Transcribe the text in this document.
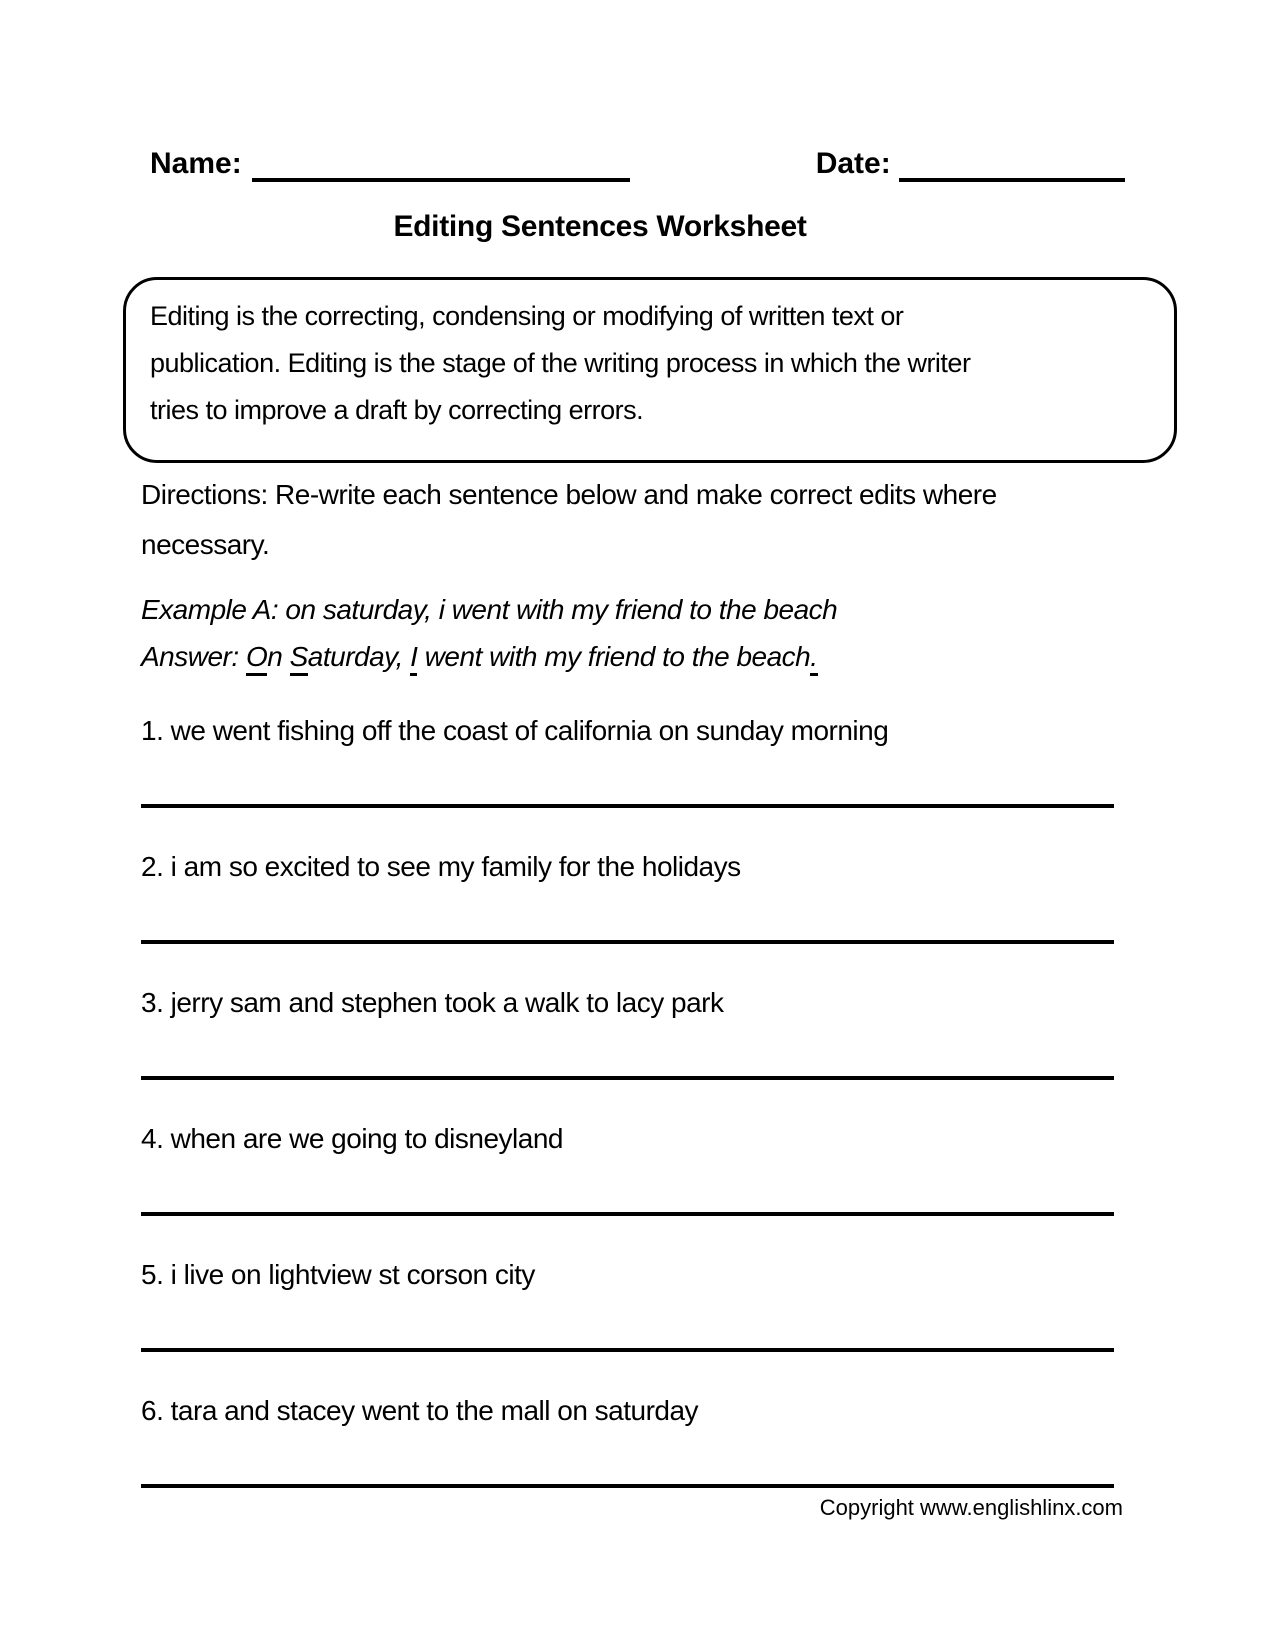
Name:	Date:
Editing Sentences Worksheet
Editing is the correcting, condensing or modifying of written text or
publication. Editing is the stage of the writing process in which the writer
tries to improve a draft by correcting errors.
Directions: Re-write each sentence below and make correct edits where
necessary.
Example A: on saturday, i went with my friend to the beach
Answer: On Saturday, I went with my friend to the beach.
1. we went fishing off the coast of california on sunday morning
2. i am so excited to see my family for the holidays
3. jerry sam and stephen took a walk to lacy park
4. when are we going to disneyland
5. i live on lightview st corson city
6. tara and stacey went to the mall on saturday
Copyright www.englishlinx.com
